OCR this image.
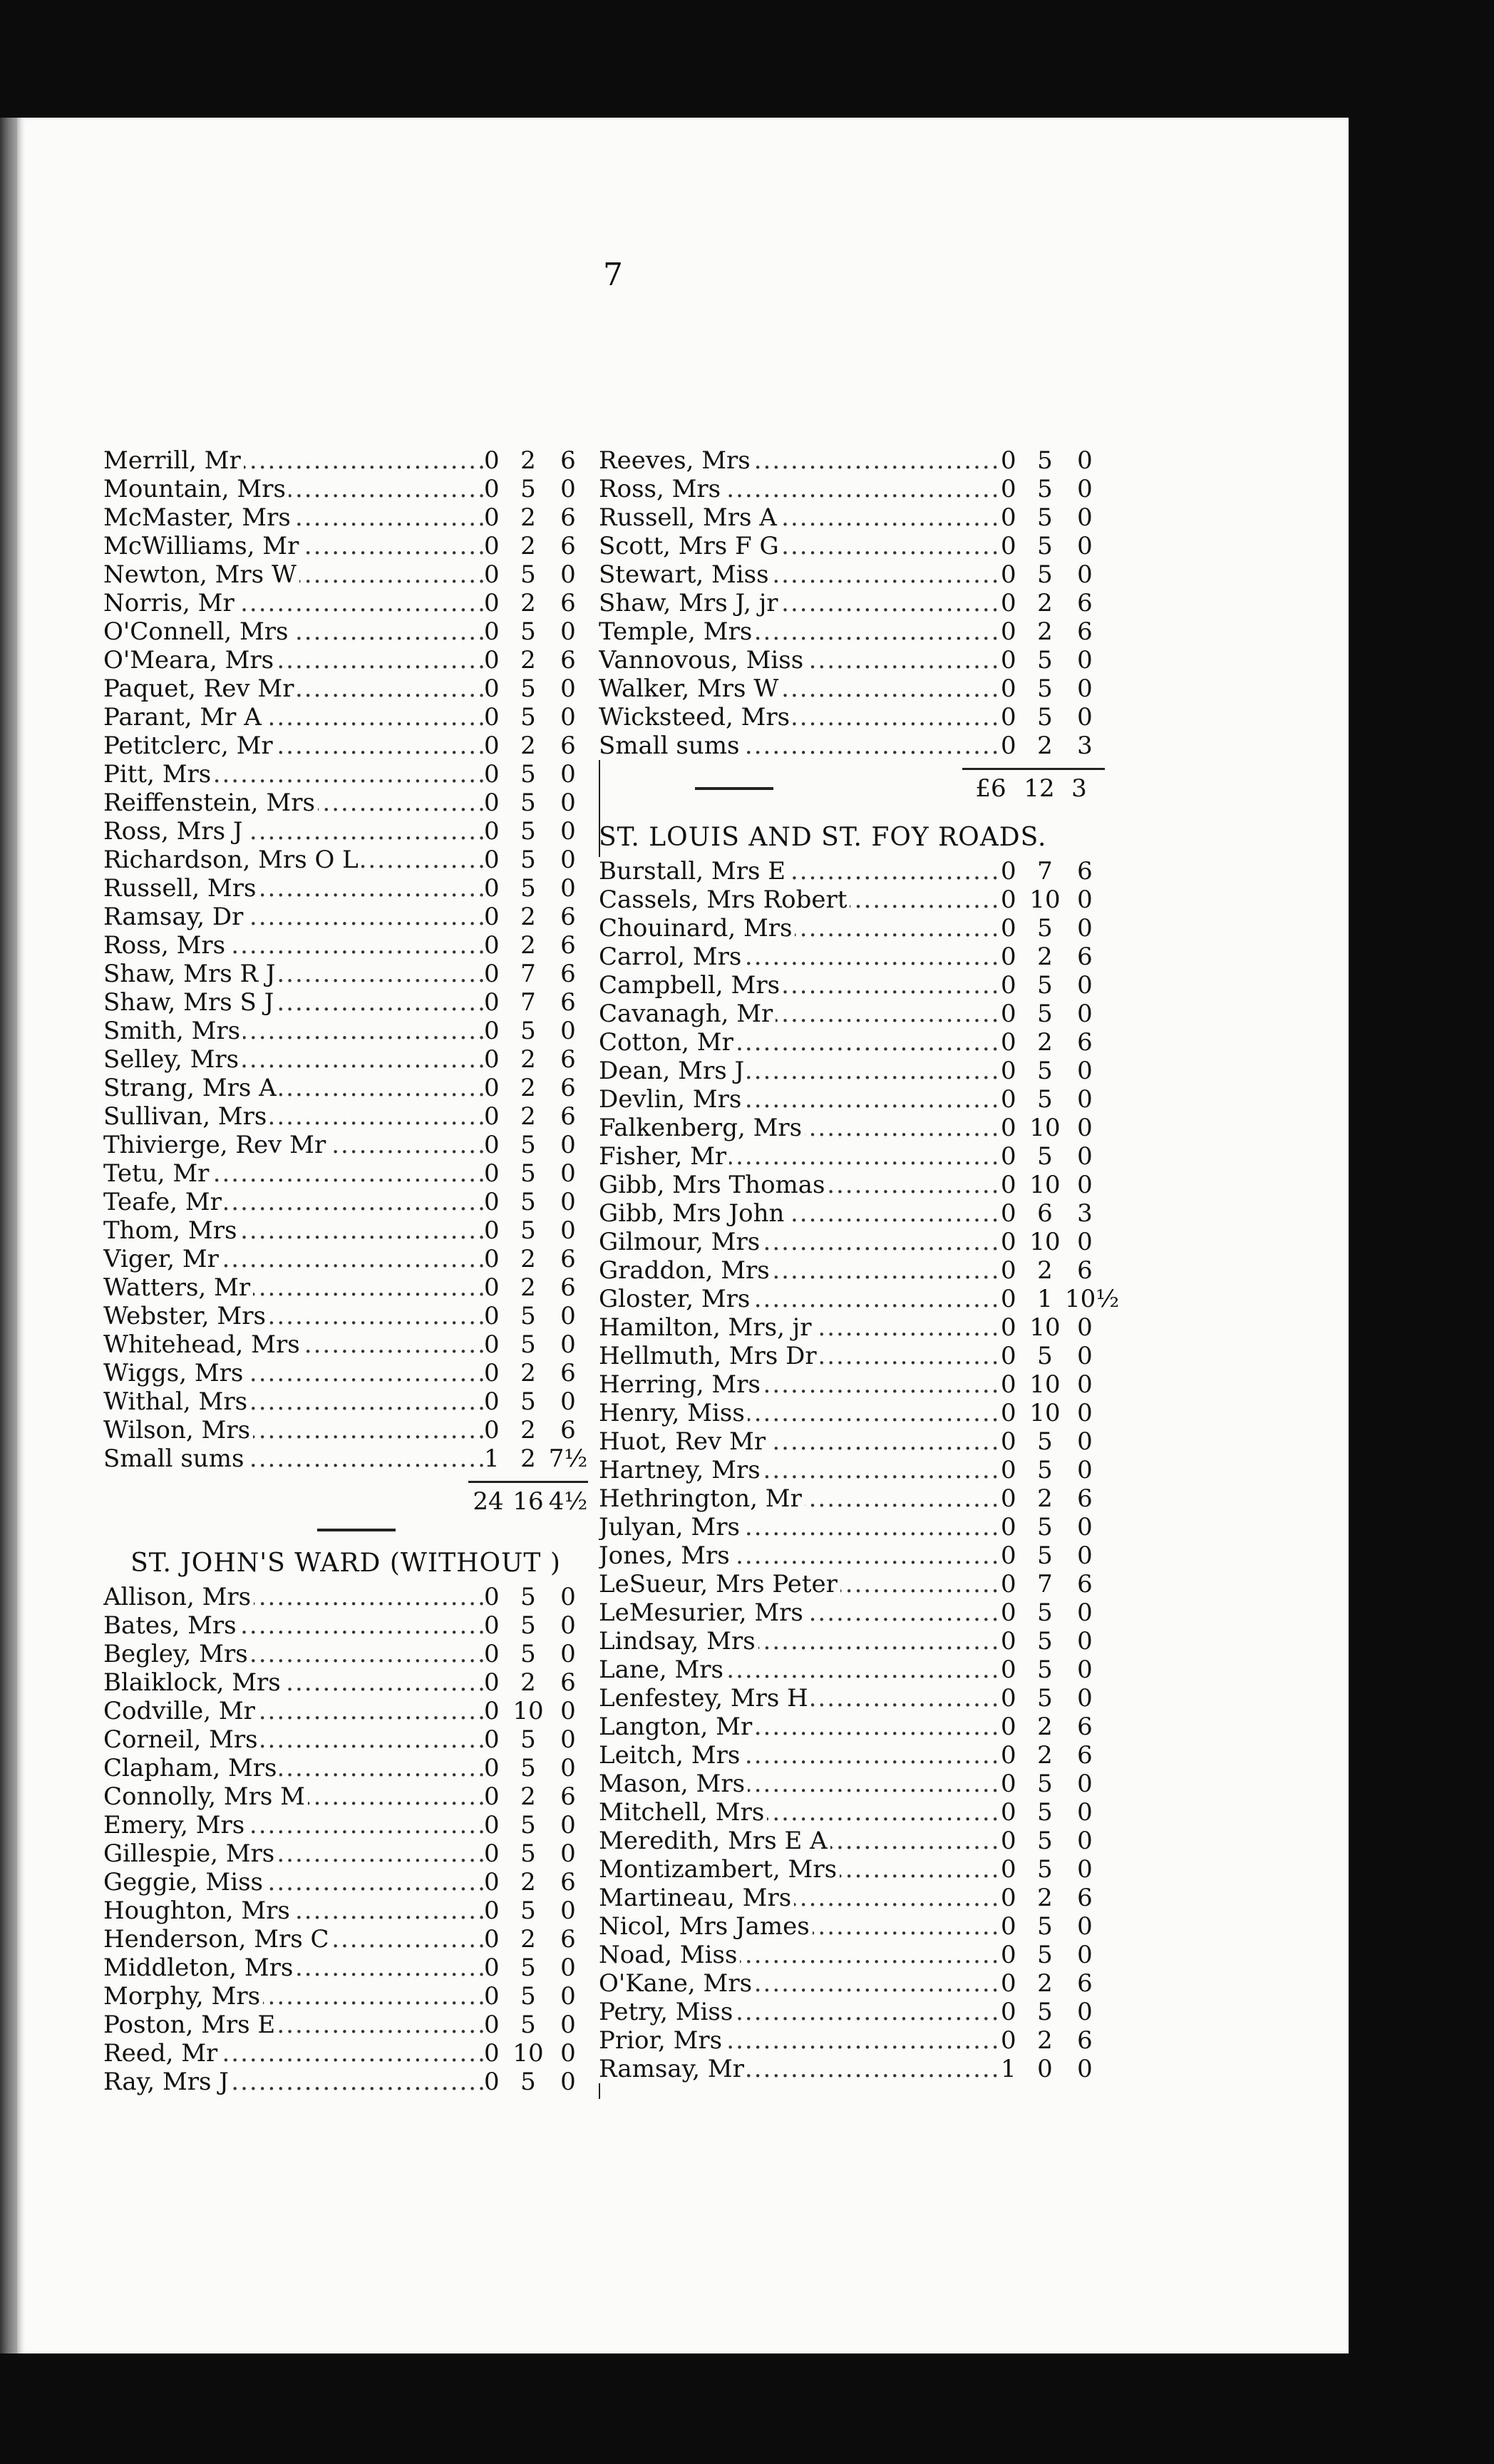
7
Merrill, Mr .....	0 2	6
Mountain, Mrs .....	0 5	0
McMaster, Mrs .....	0 2	6
McWilliams, Mr .....	0 2	6
Newton, Mrs W .....	0 5	0
Norris, Mr .....	0 2	6
O'Connell, Mrs .....	0 5	0
O'Meara, Mrs .....	0 2	6
Paquet, Rev Mr .....	0 5	0
Parant, Mr A .....	0 5	0
Petitclerc, Mr .....	0 2	6
Pitt, Mrs .....	0 5	0
Reiffenstein, Mrs .....	0 5	0
Ross, Mrs J .....	0 5	0
Richardson, Mrs O L .....	0 5	0
Russell, Mrs .....	0 5	0
Ramsay, Dr .....	0 2	6
Ross, Mrs .....	0 2	6
Shaw, Mrs R J .....	0 7	6
Shaw, Mrs S J .....	0 7	6
Smith, Mrs .....	0 5	0
Selley, Mrs .....	0 2	6
Strang, Mrs A .....	0 2	6
Sullivan, Mrs .....	0 2	6
Thivierge, Rev Mr .....	0 5	0
Tetu, Mr .....	0 5	0
Teafe, Mr .....	0 5	0
Thom, Mrs .....	0 5	0
Viger, Mr .....	0 2	6
Watters, Mr .....	0 2	6
Webster, Mrs .....	0 5	0
Whitehead, Mrs .....	0 5	0
Wiggs, Mrs .....	0 2	6
Withal, Mrs .....	0 5	0
Wilson, Mrs .....	0 2	6
Small sums .....	1 2 7½
24 16 4½
ST. JOHN'S WARD (WITHOUT )
Allison, Mrs .....	0 5	0
Bates, Mrs .....	0 5	0
Begley, Mrs .....	0 5	0
Blaiklock, Mrs .....	0 2	6
Codville, Mr .....	0 10 0
Corneil, Mrs .....	0 5	0
Clapham, Mrs .....	0 5	0
Connolly, Mrs M .....	0 2	6
Emery, Mrs .....	0 5	0
Gillespie, Mrs .....	0 5	0
Geggie, Miss .....	0 2	6
Houghton, Mrs .....	0 5	0
Henderson, Mrs C .....	0 2	6
Middleton, Mrs .....	0 5	0
Morphy, Mrs .....	0 5	0
Poston, Mrs E .....	0 5	0
Reed, Mr .....	0 10 0
Ray, Mrs J .....	0 5	0
Reeves, Mrs .....	0 5	0
Ross, Mrs .....	0 5	0
Russell, Mrs A .....	0 5	0
Scott, Mrs F G .....	0 5	0
Stewart, Miss .....	0 5	0
Shaw, Mrs J, jr .....	0 2	6
Temple, Mrs .....	0 2	6
Vannovous, Miss .....	0 5	0
Walker, Mrs W .....	0 5	0
Wicksteed, Mrs .....	0 5	0
Small sums .....	0 2	3
£6 12 3
ST. LOUIS AND ST. FOY ROADS.
Burstall, Mrs E .....	0 7	6
Cassels, Mrs Robert .....	0 10 0
Chouinard, Mrs .....	0 5	0
Carrol, Mrs .....	0 2	6
Campbell, Mrs .....	0 5	0
Cavanagh, Mr .....	0 5	0
Cotton, Mr .....	0 2	6
Dean, Mrs J .....	0 5	0
Devlin, Mrs .....	0 5	0
Falkenberg, Mrs .....	0 10 0
Fisher, Mr .....	0 5	0
Gibb, Mrs Thomas .....	0 10 0
Gibb, Mrs John .....	0 6	3
Gilmour, Mrs .....	0 10 0
Graddon, Mrs .....	0 2	6
Gloster, Mrs .....	0 1 10½
Hamilton, Mrs, jr .....	0 10 0
Hellmuth, Mrs Dr .....	0 5	0
Herring, Mrs .....	0 10 0
Henry, Miss .....	0 10 0
Huot, Rev Mr .....	0 5	0
Hartney, Mrs .....	0 5	0
Hethrington, Mr .....	0 2	6
Julyan, Mrs .....	0 5	0
Jones, Mrs .....	0 5	0
LeSueur, Mrs Peter .....	0 7	6
LeMesurier, Mrs .....	0 5	0
Lindsay, Mrs .....	0 5	0
Lane, Mrs .....	0 5	0
Lenfestey, Mrs H .....	0 5	0
Langton, Mr .....	0 2	6
Leitch, Mrs .....	0 2	6
Mason, Mrs .....	0 5	0
Mitchell, Mrs .....	0 5	0
Meredith, Mrs E A .....	0 5	0
Montizambert, Mrs .....	0 5	0
Martineau, Mrs .....	0 2	6
Nicol, Mrs James .....	0 5	0
Noad, Miss .....	0 5	0
O'Kane, Mrs .....	0 2	6
Petry, Miss .....	0 5	0
Prior, Mrs .....	0 2	6
Ramsay, Mr .....	1 0	0
